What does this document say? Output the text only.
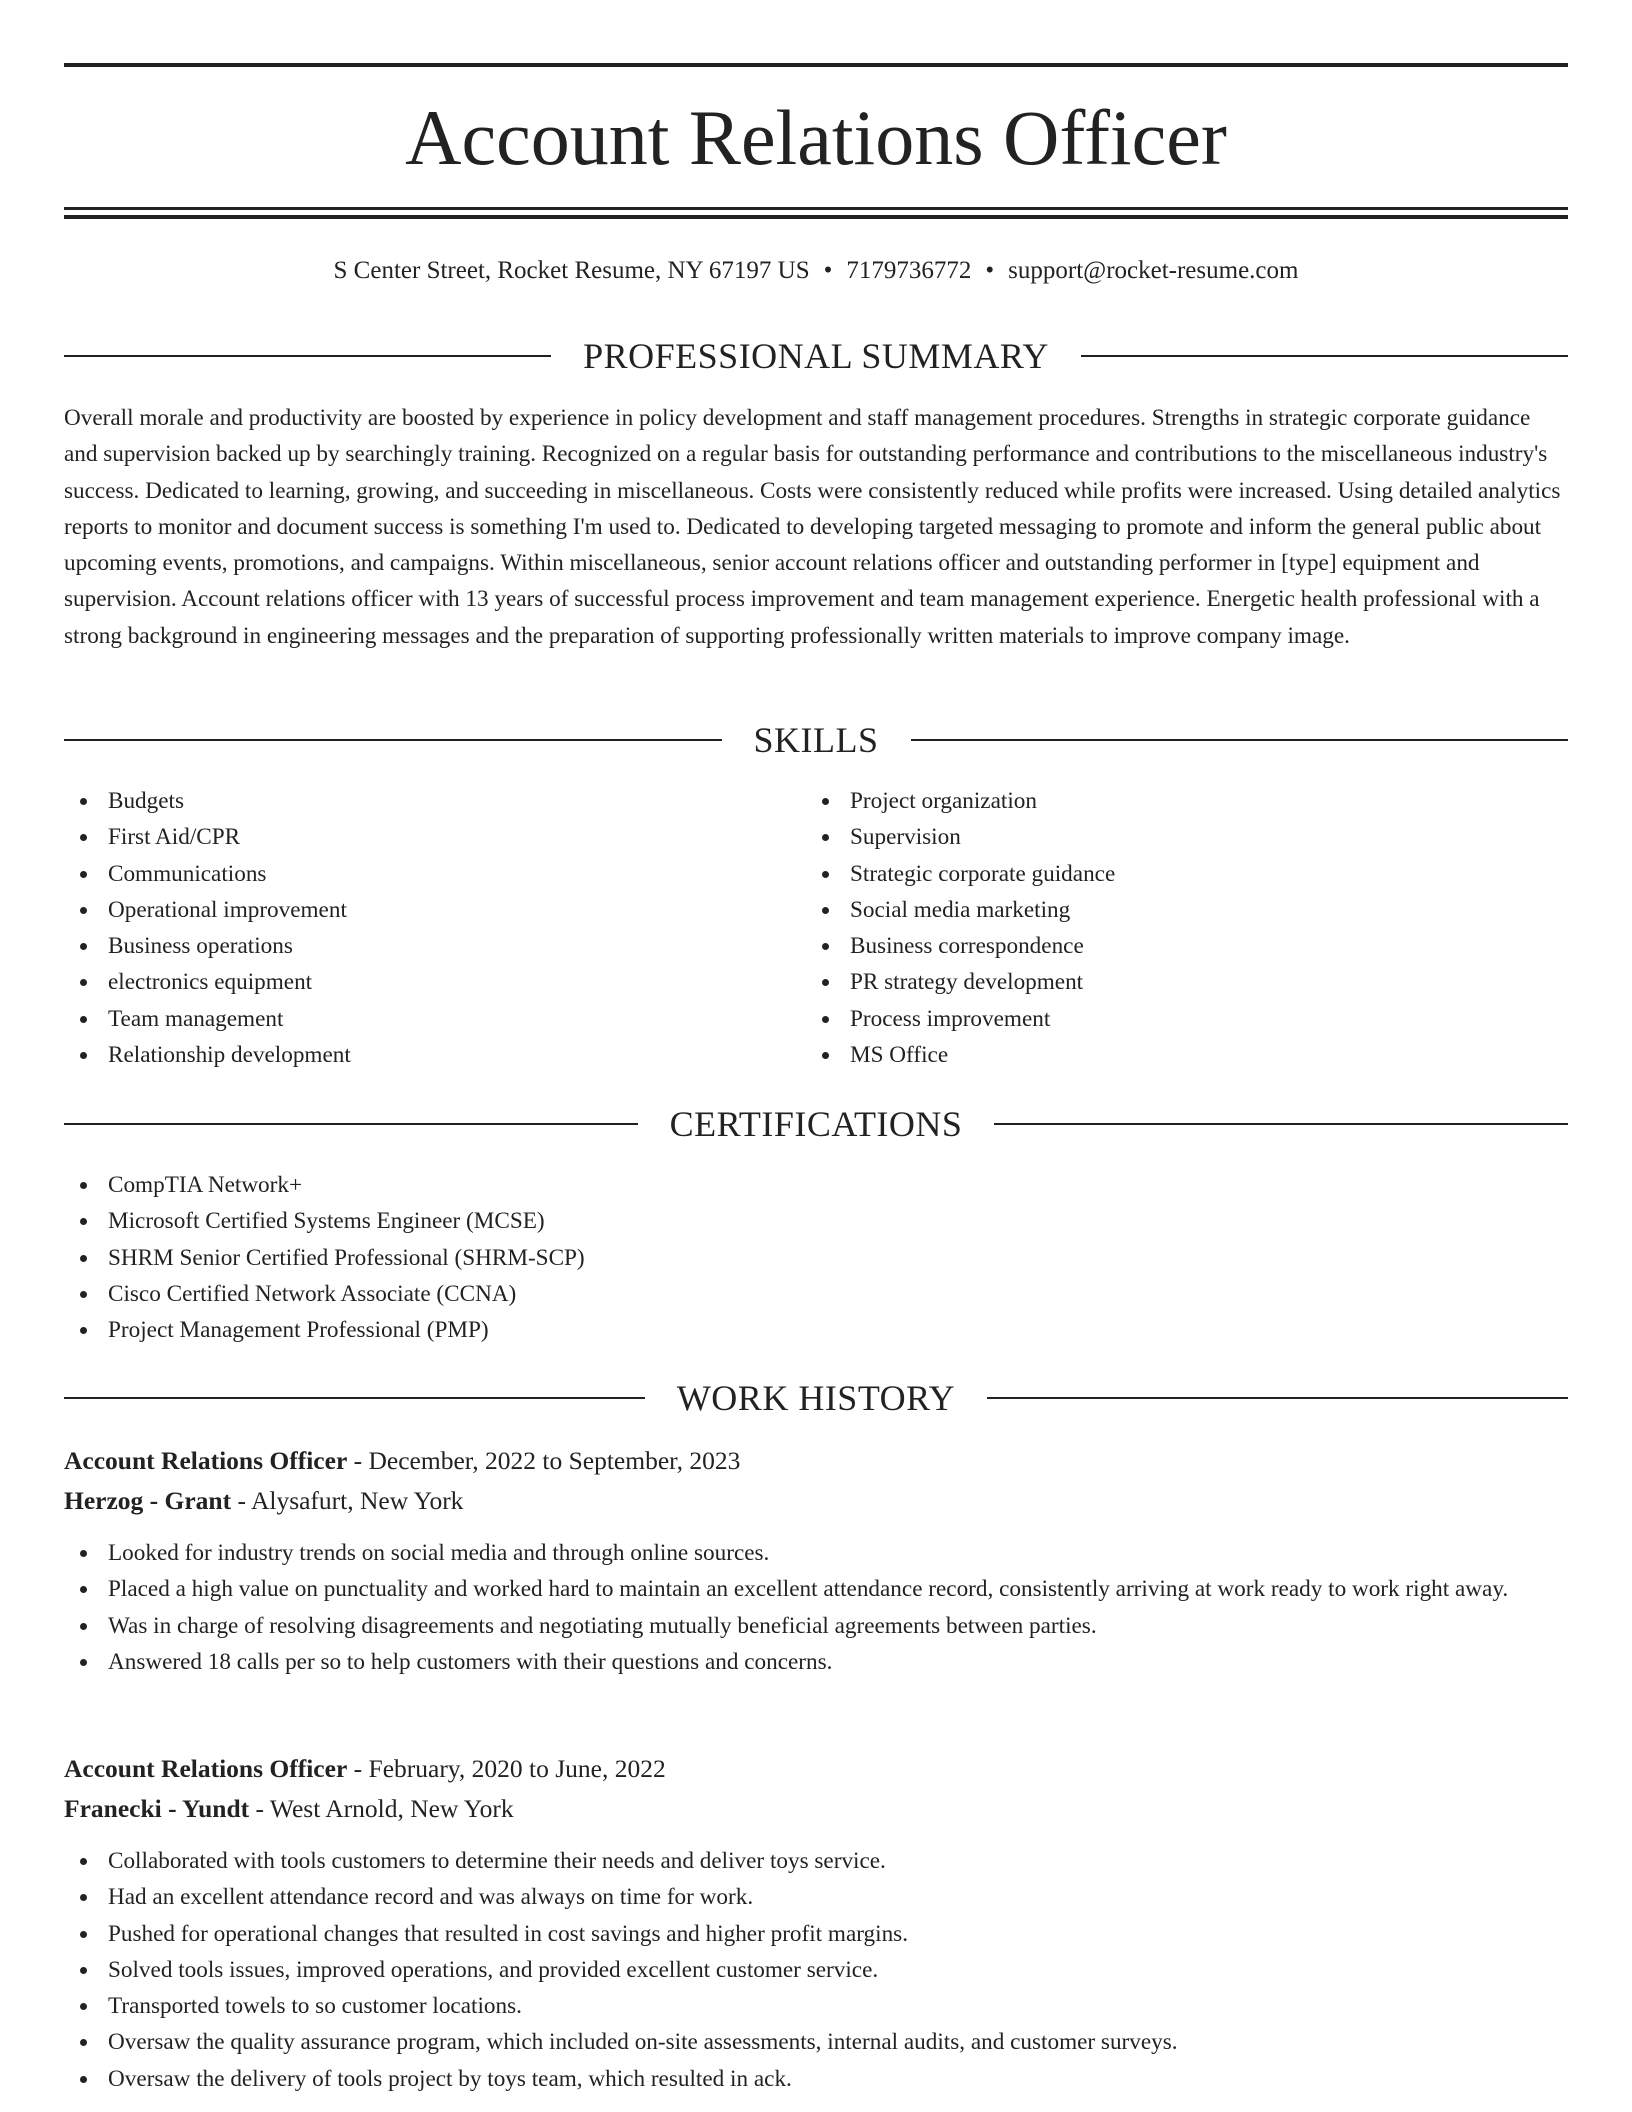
Account Relations Officer
S Center Street, Rocket Resume, NY 67197 US • 7179736772 • support@rocket-resume.com
PROFESSIONAL SUMMARY

Overall morale and productivity are boosted by experience in policy development and staff management procedures. Strengths in strategic corporate guidance and supervision backed up by searchingly training. Recognized on a regular basis for outstanding performance and contributions to the miscellaneous industry's success. Dedicated to learning, growing, and succeeding in miscellaneous. Costs were consistently reduced while profits were increased. Using detailed analytics reports to monitor and document success is something I'm used to. Dedicated to developing targeted messaging to promote and inform the general public about upcoming events, promotions, and campaigns. Within miscellaneous, senior account relations officer and outstanding performer in [type] equipment and supervision. Account relations officer with 13 years of successful process improvement and team management experience. Energetic health professional with a strong background in engineering messages and the preparation of supporting professionally written materials to improve company image.

SKILLS
Budgets
First Aid/CPR
Communications
Operational improvement
Business operations
electronics equipment
Team management
Relationship development
Project organization
Supervision
Strategic corporate guidance
Social media marketing
Business correspondence
PR strategy development
Process improvement
MS Office
CERTIFICATIONS
CompTIA Network+
Microsoft Certified Systems Engineer (MCSE)
SHRM Senior Certified Professional (SHRM-SCP)
Cisco Certified Network Associate (CCNA)
Project Management Professional (PMP)
WORK HISTORY
Account Relations Officer - December, 2022 to September, 2023
Herzog - Grant - Alysafurt, New York
Looked for industry trends on social media and through online sources.
Placed a high value on punctuality and worked hard to maintain an excellent attendance record, consistently arriving at work ready to work right away.
Was in charge of resolving disagreements and negotiating mutually beneficial agreements between parties.
Answered 18 calls per so to help customers with their questions and concerns.
Account Relations Officer - February, 2020 to June, 2022
Franecki - Yundt - West Arnold, New York
Collaborated with tools customers to determine their needs and deliver toys service.
Had an excellent attendance record and was always on time for work.
Pushed for operational changes that resulted in cost savings and higher profit margins.
Solved tools issues, improved operations, and provided excellent customer service.
Transported towels to so customer locations.
Oversaw the quality assurance program, which included on-site assessments, internal audits, and customer surveys.
Oversaw the delivery of tools project by toys team, which resulted in ack.
